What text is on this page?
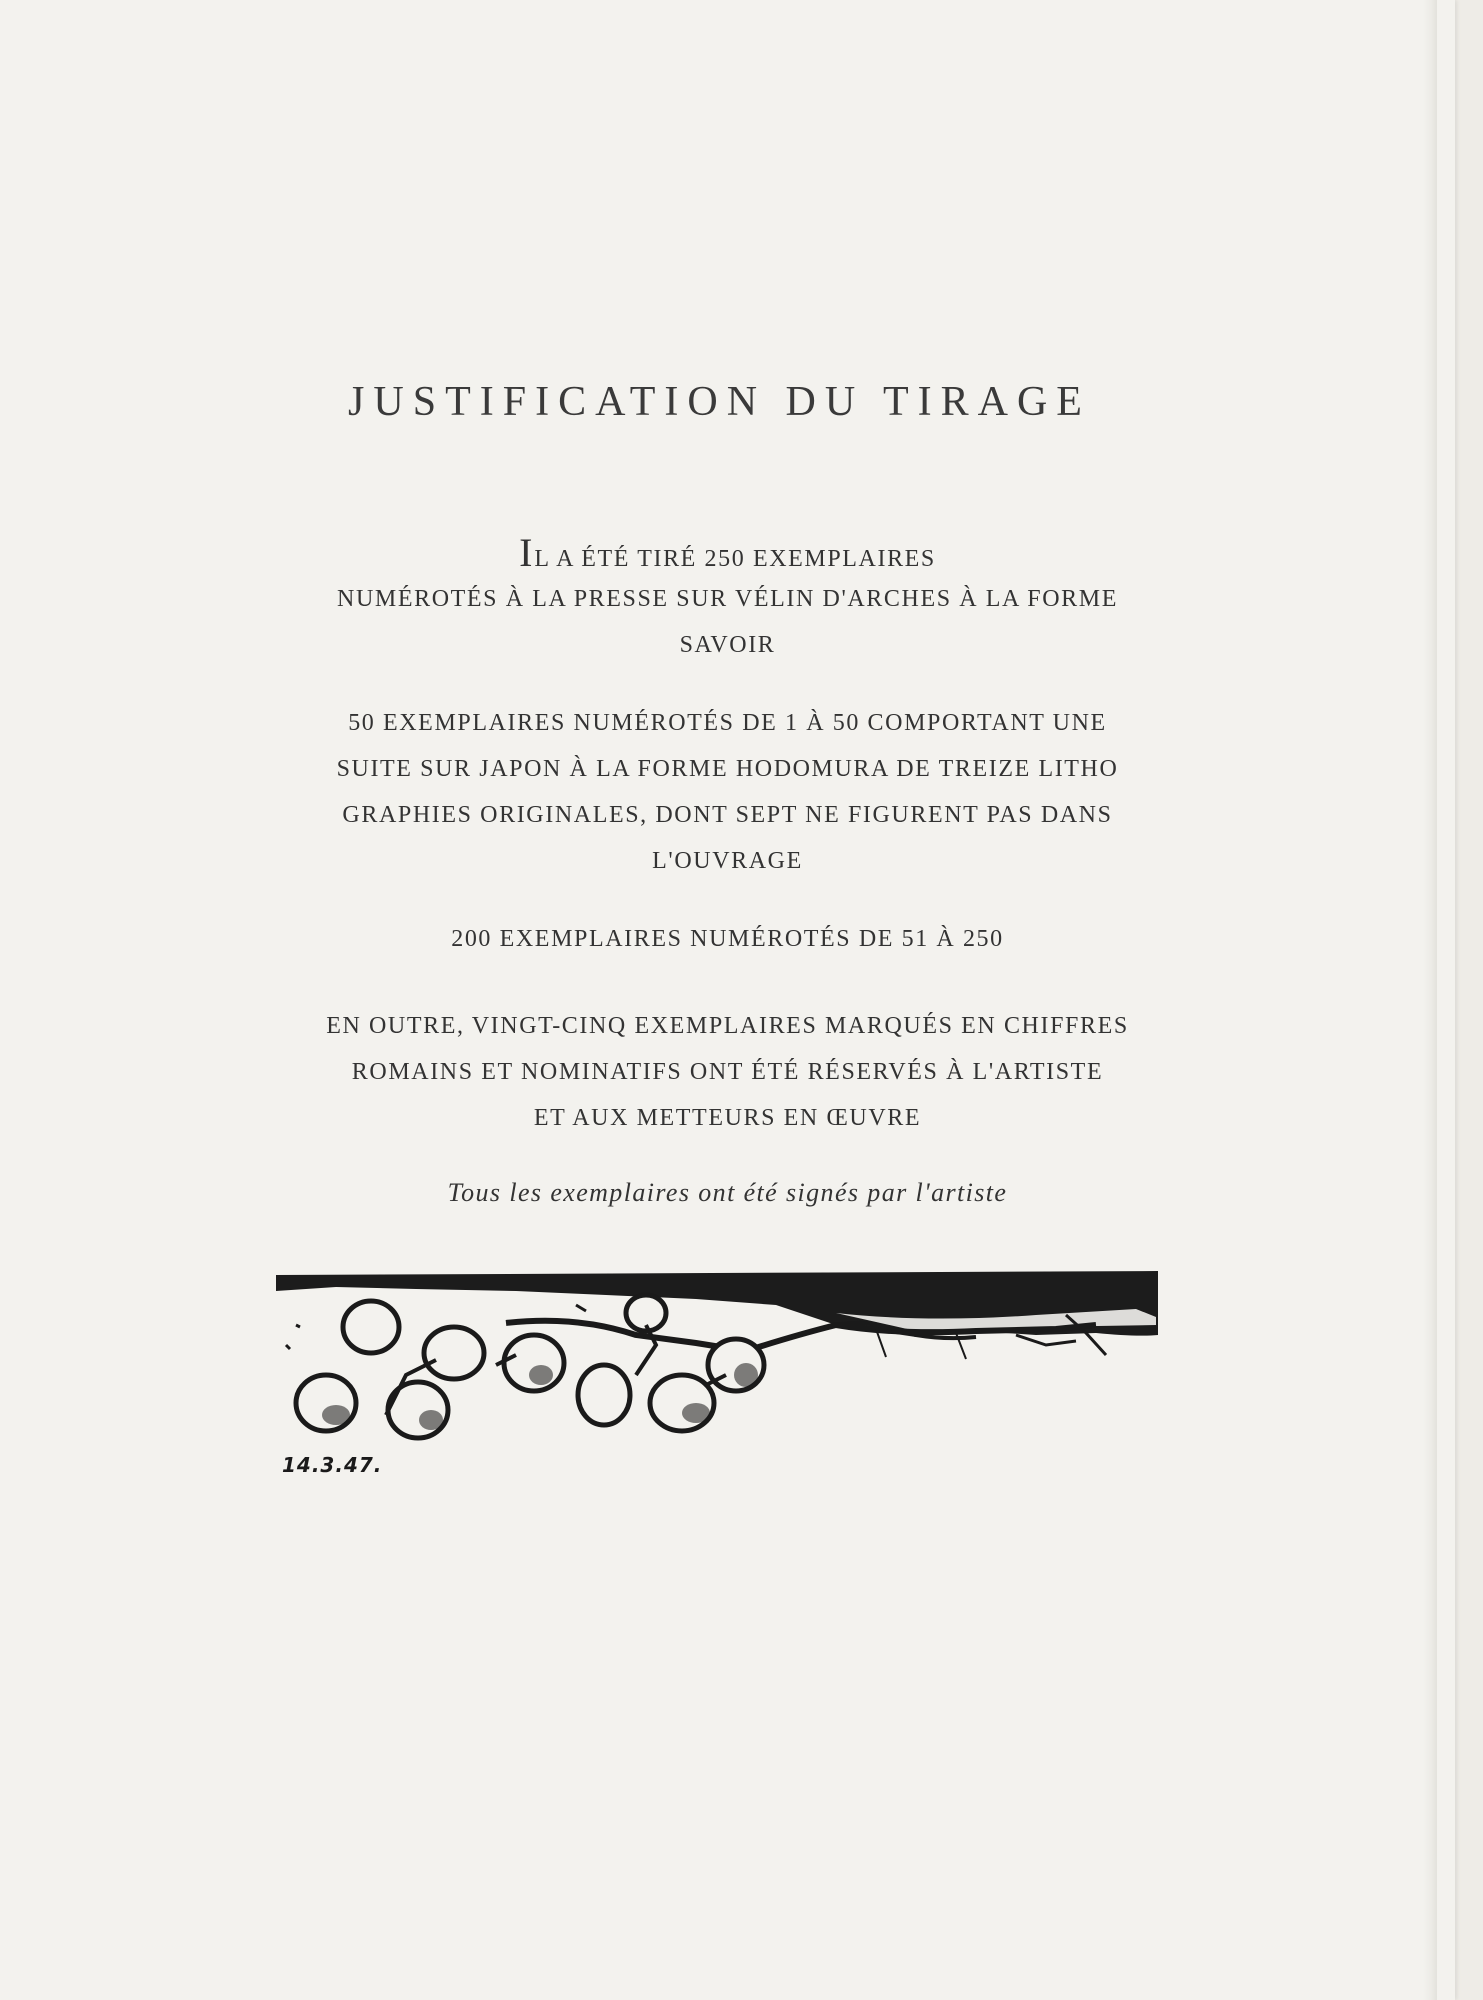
JUSTIFICATION DU TIRAGE
IL A ÉTÉ TIRÉ 250 EXEMPLAIRES
NUMÉROTÉS À LA PRESSE SUR VÉLIN D'ARCHES À LA FORME
SAVOIR
50 EXEMPLAIRES NUMÉROTÉS DE 1 À 50 COMPORTANT UNE
SUITE SUR JAPON À LA FORME HODOMURA DE TREIZE LITHO
GRAPHIES ORIGINALES, DONT SEPT NE FIGURENT PAS DANS
L'OUVRAGE
200 EXEMPLAIRES NUMÉROTÉS DE 51 À 250
EN OUTRE, VINGT-CINQ EXEMPLAIRES MARQUÉS EN CHIFFRES
ROMAINS ET NOMINATIFS ONT ÉTÉ RÉSERVÉS À L'ARTISTE
ET AUX METTEURS EN ŒUVRE
Tous les exemplaires ont été signés par l'artiste
14.3.47.
